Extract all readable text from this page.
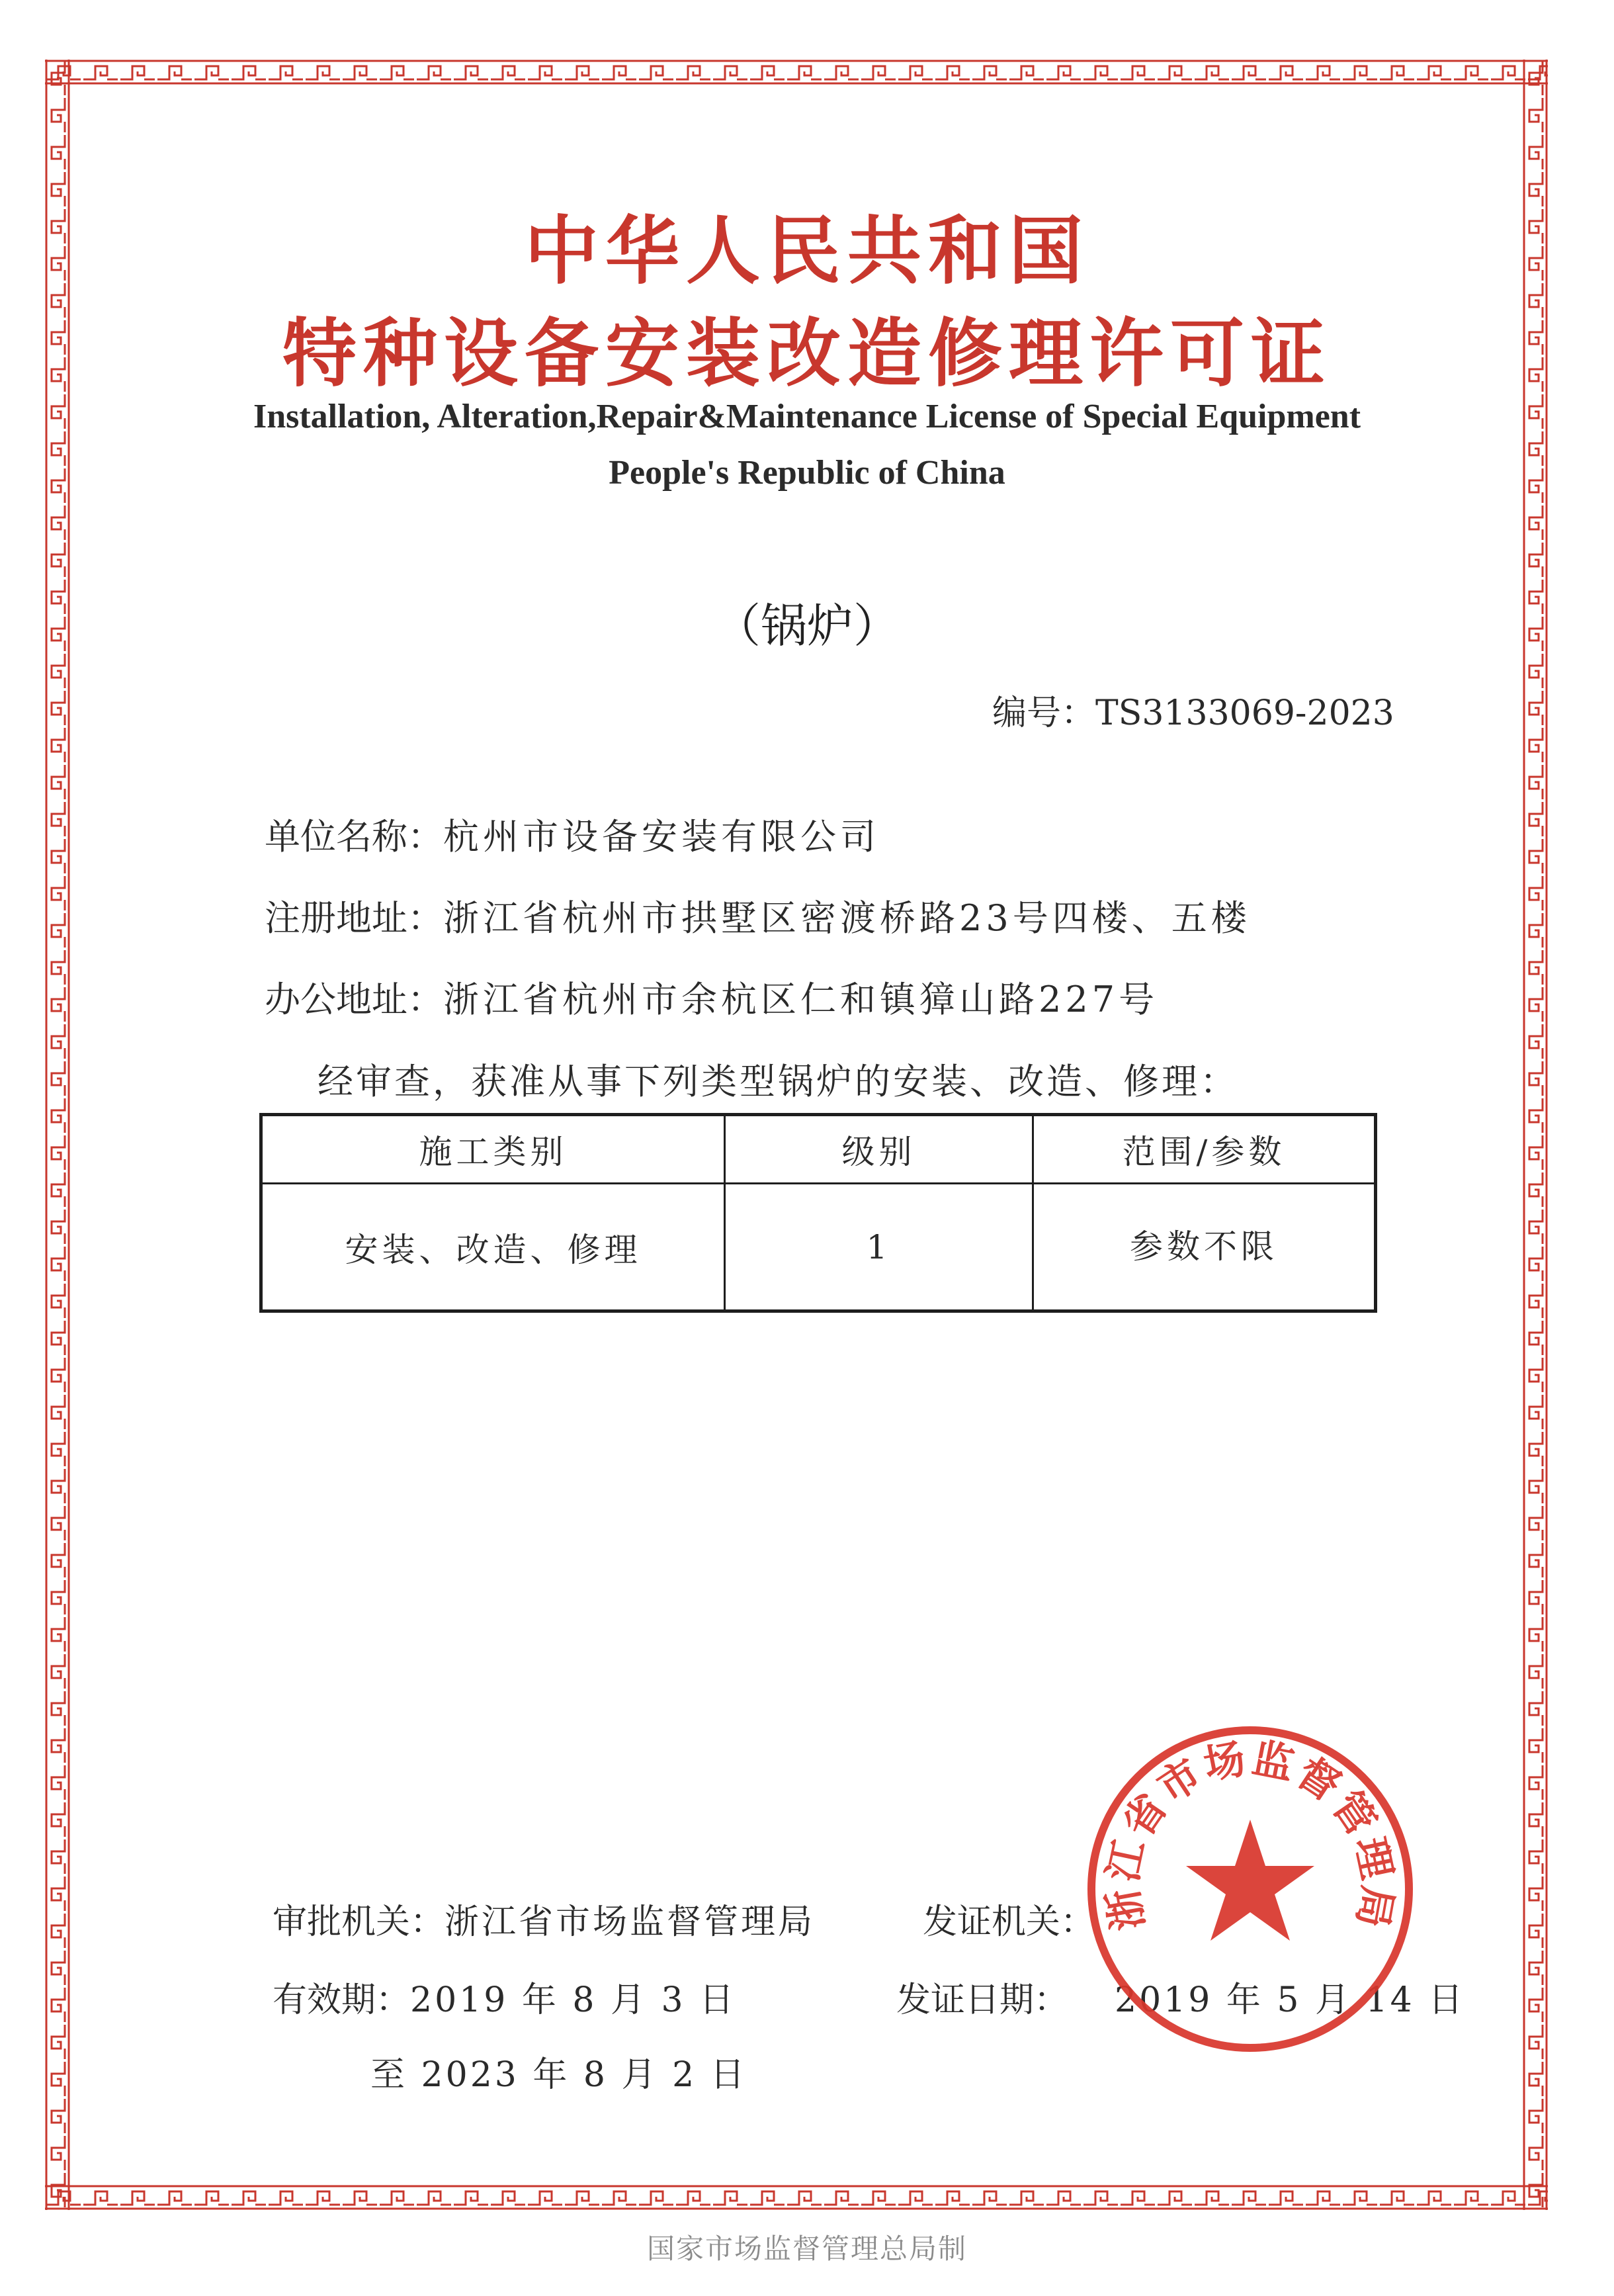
中华人民共和国
特种设备安装改造修理许可证
Installation, Alteration,Repair&Maintenance License of Special Equipment
People's Republic of China
（锅炉）
编号：TS3133069-2023
单位名称：杭州市设备安装有限公司
注册地址：浙江省杭州市拱墅区密渡桥路23号四楼、五楼
办公地址：浙江省杭州市余杭区仁和镇獐山路227号
经审查，获准从事下列类型锅炉的安装、改造、修理：
施工类别	级别	范围/参数
安装、改造、修理	1	参数不限
审批机关：浙江省市场监督管理局	发证机关：
有效期：2019 年 8 月 3 日
至 2023 年 8 月 2 日
发证日期： 2019 年 5 月 14 日
浙江省市场监督管理局
国家市场监督管理总局制
